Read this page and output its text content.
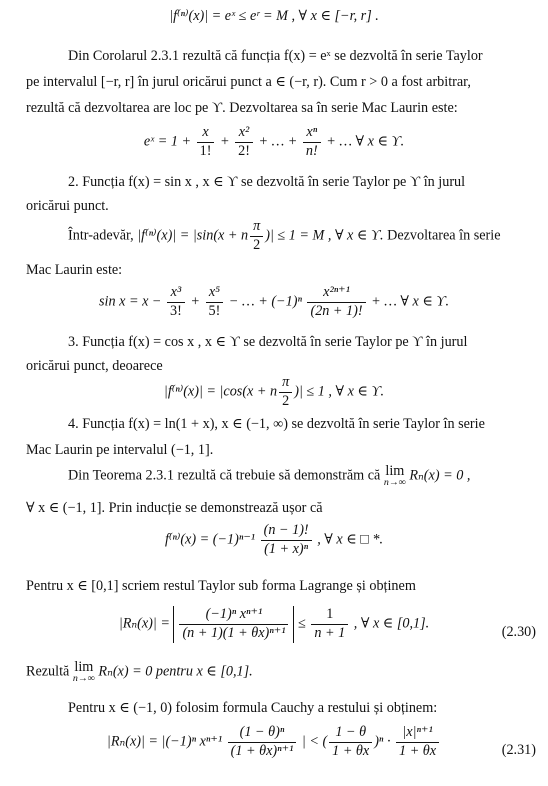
|f⁽ⁿ⁾(x)| = eˣ ≤ eʳ = M , ∀ x ∈ [−r, r] .
Din Corolarul 2.3.1 rezultă că funcția f(x) = eˣ se dezvoltă în serie Taylor
pe intervalul [−r, r] în jurul oricărui punct a ∈ (−r, r). Cum r > 0 a fost arbitrar,
rezultă că dezvoltarea are loc pe ϒ. Dezvoltarea sa în serie Mac Laurin este:
eˣ = $1 + \frac{x}{1!} + \frac{\text{x²}}{2!}$ + … + $\frac{\text{xⁿ}}{n!}$ + … ∀ x ∈ ϒ.
2. Funcția f(x) = sin x , x ∈ ϒ se dezvoltă în serie Taylor pe ϒ în jurul
oricărui punct.
Într-adevăr, |f⁽ⁿ⁾(x)| = |sin(x + n $\frac{\pi}{2}$ )| ≤ 1 = M , ∀ x ∈ ϒ. Dezvoltarea în serie
Mac Laurin este:
$\sin x = x - \frac{\text{x³}}{3!} + \frac{\text{x⁵}}{5!}$ − … + $(-1)^n \frac{\text{x²ⁿ⁺¹}}{(2n + 1)!}$ + … ∀ x ∈ ϒ.
3. Funcția f(x) = cos x , x ∈ ϒ se dezvoltă în serie Taylor pe ϒ în jurul
oricărui punct, deoarece
|f⁽ⁿ⁾(x)| = |cos(x + n $\frac{\pi}{2}$ )| ≤ 1 , ∀ x ∈ ϒ.
4. Funcția f(x) = ln(1 + x), x ∈ (−1, ∞) se dezvoltă în serie Taylor în serie
Mac Laurin pe intervalul (−1, 1].
Din Teorema 2.3.1 rezultă că trebuie să demonstrăm că lim
n→∞ Rₙ(x) = 0 ,
∀ x ∈ (−1, 1]. Prin inducție se demonstrează ușor că
$f^{(n)}(x) = (-1)^{n-1} \frac{(n - 1)!}{\text{(1 + x)ⁿ}}$ , ∀ x ∈ □ *.
Pentru x ∈ [0,1] scriem restul Taylor sub forma Lagrange și obținem
$|R_n(x)| = \frac{\text{(−1)ⁿ xⁿ⁺¹}}{\text{(n + 1)(1 + θx)ⁿ⁺¹}} \le \frac{1}{n + 1}$ , ∀ x ∈ [0,1].
(2.30)
Rezultă lim
n→∞ Rₙ(x) = 0 pentru x ∈ [0,1].
Pentru x ∈ (−1, 0) folosim formula Cauchy a restului și obținem:
|Rₙ(x)| = |(−1)ⁿ $x^{n+1} \frac{\text{(1 − θ)ⁿ}}{\text{(1 + θx)ⁿ⁺¹}}$ | < ( $\frac{1 - \theta}{1 + \theta x} )^n \cdot \frac{\text{|x|ⁿ⁺¹}}{1 + \theta x}$	(2.31)
